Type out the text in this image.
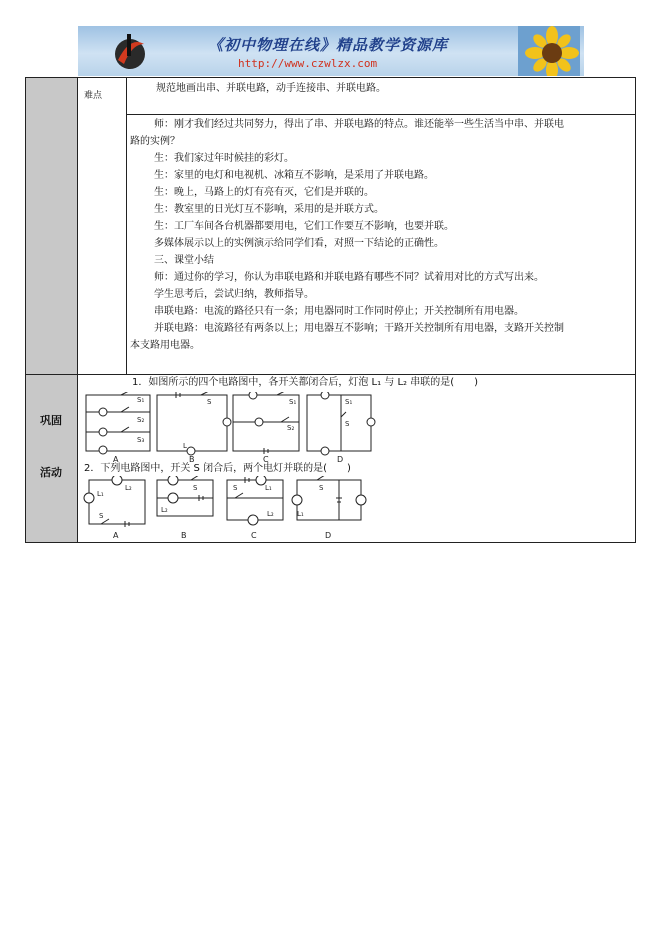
《初中物理在线》精品教学资源库
http://www.czwlzx.com
难点
规范地画出串、并联电路，动手连接串、并联电路。
师：刚才我们经过共同努力，得出了串、并联电路的特点。谁还能举一些生活当中串、并联电
路的实例？
生：我们家过年时候挂的彩灯。
生：家里的电灯和电视机、冰箱互不影响，是采用了并联电路。
生：晚上，马路上的灯有亮有灭，它们是并联的。
生：教室里的日光灯互不影响，采用的是并联方式。
生：工厂车间各台机器都要用电，它们工作要互不影响，也要并联。
多媒体展示以上的实例演示给同学们看，对照一下结论的正确性。
三、课堂小结
师：通过你的学习，你认为串联电路和并联电路有哪些不同？试着用对比的方式写出来。
学生思考后，尝试归纳，教师指导。
串联电路：电流的路径只有一条；用电器同时工作同时停止；开关控制所有用电器。
并联电路：电流路径有两条以上；用电器互不影响；干路开关控制所有用电器，支路开关控制
本支路用电器。
巩固
活动
1．如图所示的四个电路图中，各开关都闭合后，灯泡 L₁ 与 L₂ 串联的是(　　)
2．下列电路图中，开关 S 闭合后，两个电灯并联的是(　　)
S₁
S₂
S₃
S
L
S₁
S₂
S₁
S
A	B	C	D
L₁
L₂
S
S
L₂
S	L₁
L₂
S
L₁
A	B	C	D
